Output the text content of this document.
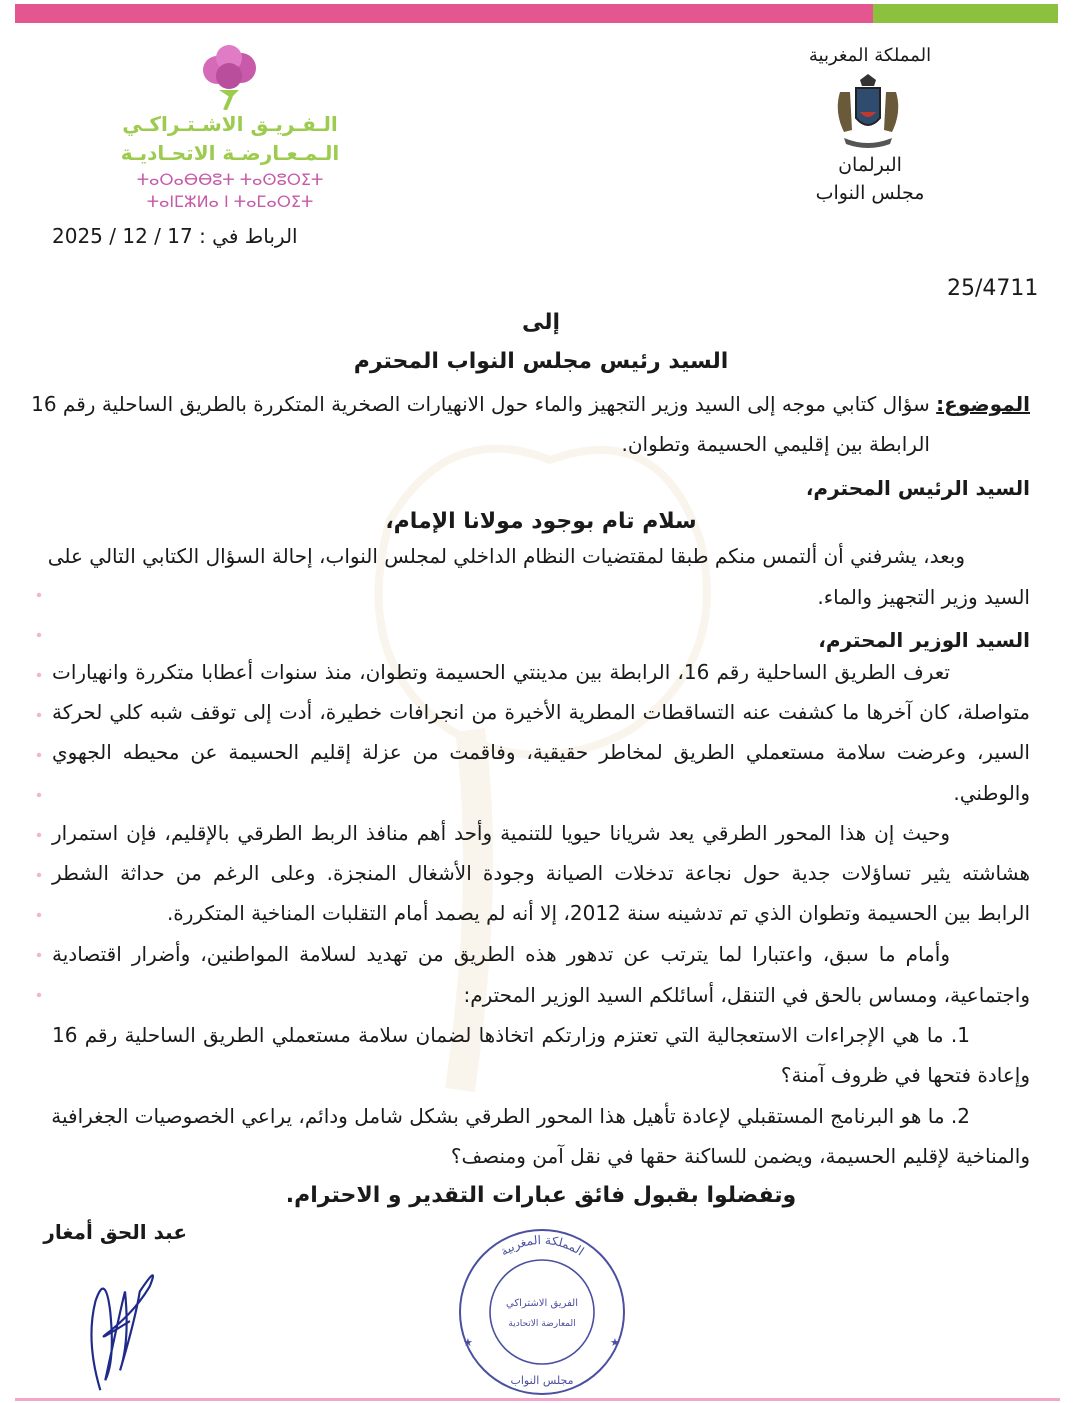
الـفـريـق الاشـتـراكـي
الـمـعـارضـة الاتحـاديـة
ⵜⴰⵔⴰⴱⴱⵓⵜ ⵜⴰⵙⵓⵔⵉⵜ
ⵜⴰⵏⵎⵣⵍⴰ ⵏ ⵜⴰⵎⴰⵔⵉⵜ
الرباط في : 17 / 12 / 2025
المملكة المغربية
البرلمان
مجلس النواب
25/4711
إلى
السيد رئيس مجلس النواب المحترم
الموضوع: سؤال كتابي موجه إلى السيد وزير التجهيز والماء حول الانهيارات الصخرية المتكررة بالطريق الساحلية رقم 16
الرابطة بين إقليمي الحسيمة وتطوان.
السيد الرئيس المحترم،
سلام تام بوجود مولانا الإمام،
وبعد، يشرفني أن ألتمس منكم طبقا لمقتضيات النظام الداخلي لمجلس النواب، إحالة السؤال الكتابي التالي على
السيد وزير التجهيز والماء.
السيد الوزير المحترم،
تعرف الطريق الساحلية رقم 16، الرابطة بين مدينتي الحسيمة وتطوان، منذ سنوات أعطابا متكررة وانهيارات
متواصلة، كان آخرها ما كشفت عنه التساقطات المطرية الأخيرة من انجرافات خطيرة، أدت إلى توقف شبه كلي لحركة
السير، وعرضت سلامة مستعملي الطريق لمخاطر حقيقية، وفاقمت من عزلة إقليم الحسيمة عن محيطه الجهوي
والوطني.
وحيث إن هذا المحور الطرقي يعد شريانا حيويا للتنمية وأحد أهم منافذ الربط الطرقي بالإقليم، فإن استمرار
هشاشته يثير تساؤلات جدية حول نجاعة تدخلات الصيانة وجودة الأشغال المنجزة. وعلى الرغم من حداثة الشطر
الرابط بين الحسيمة وتطوان الذي تم تدشينه سنة 2012، إلا أنه لم يصمد أمام التقلبات المناخية المتكررة.
وأمام ما سبق، واعتبارا لما يترتب عن تدهور هذه الطريق من تهديد لسلامة المواطنين، وأضرار اقتصادية
واجتماعية، ومساس بالحق في التنقل، أسائلكم السيد الوزير المحترم:
1. ما هي الإجراءات الاستعجالية التي تعتزم وزارتكم اتخاذها لضمان سلامة مستعملي الطريق الساحلية رقم 16
وإعادة فتحها في ظروف آمنة؟
2. ما هو البرنامج المستقبلي لإعادة تأهيل هذا المحور الطرقي بشكل شامل ودائم، يراعي الخصوصيات الجغرافية
والمناخية لإقليم الحسيمة، ويضمن للساكنة حقها في نقل آمن ومنصف؟
وتفضلوا بقبول فائق عبارات التقدير و الاحترام.
عبد الحق أمغار
المملكة المغربية
الفريق الاشتراكي
المعارضة الاتحادية
مجلس النواب
★	★
